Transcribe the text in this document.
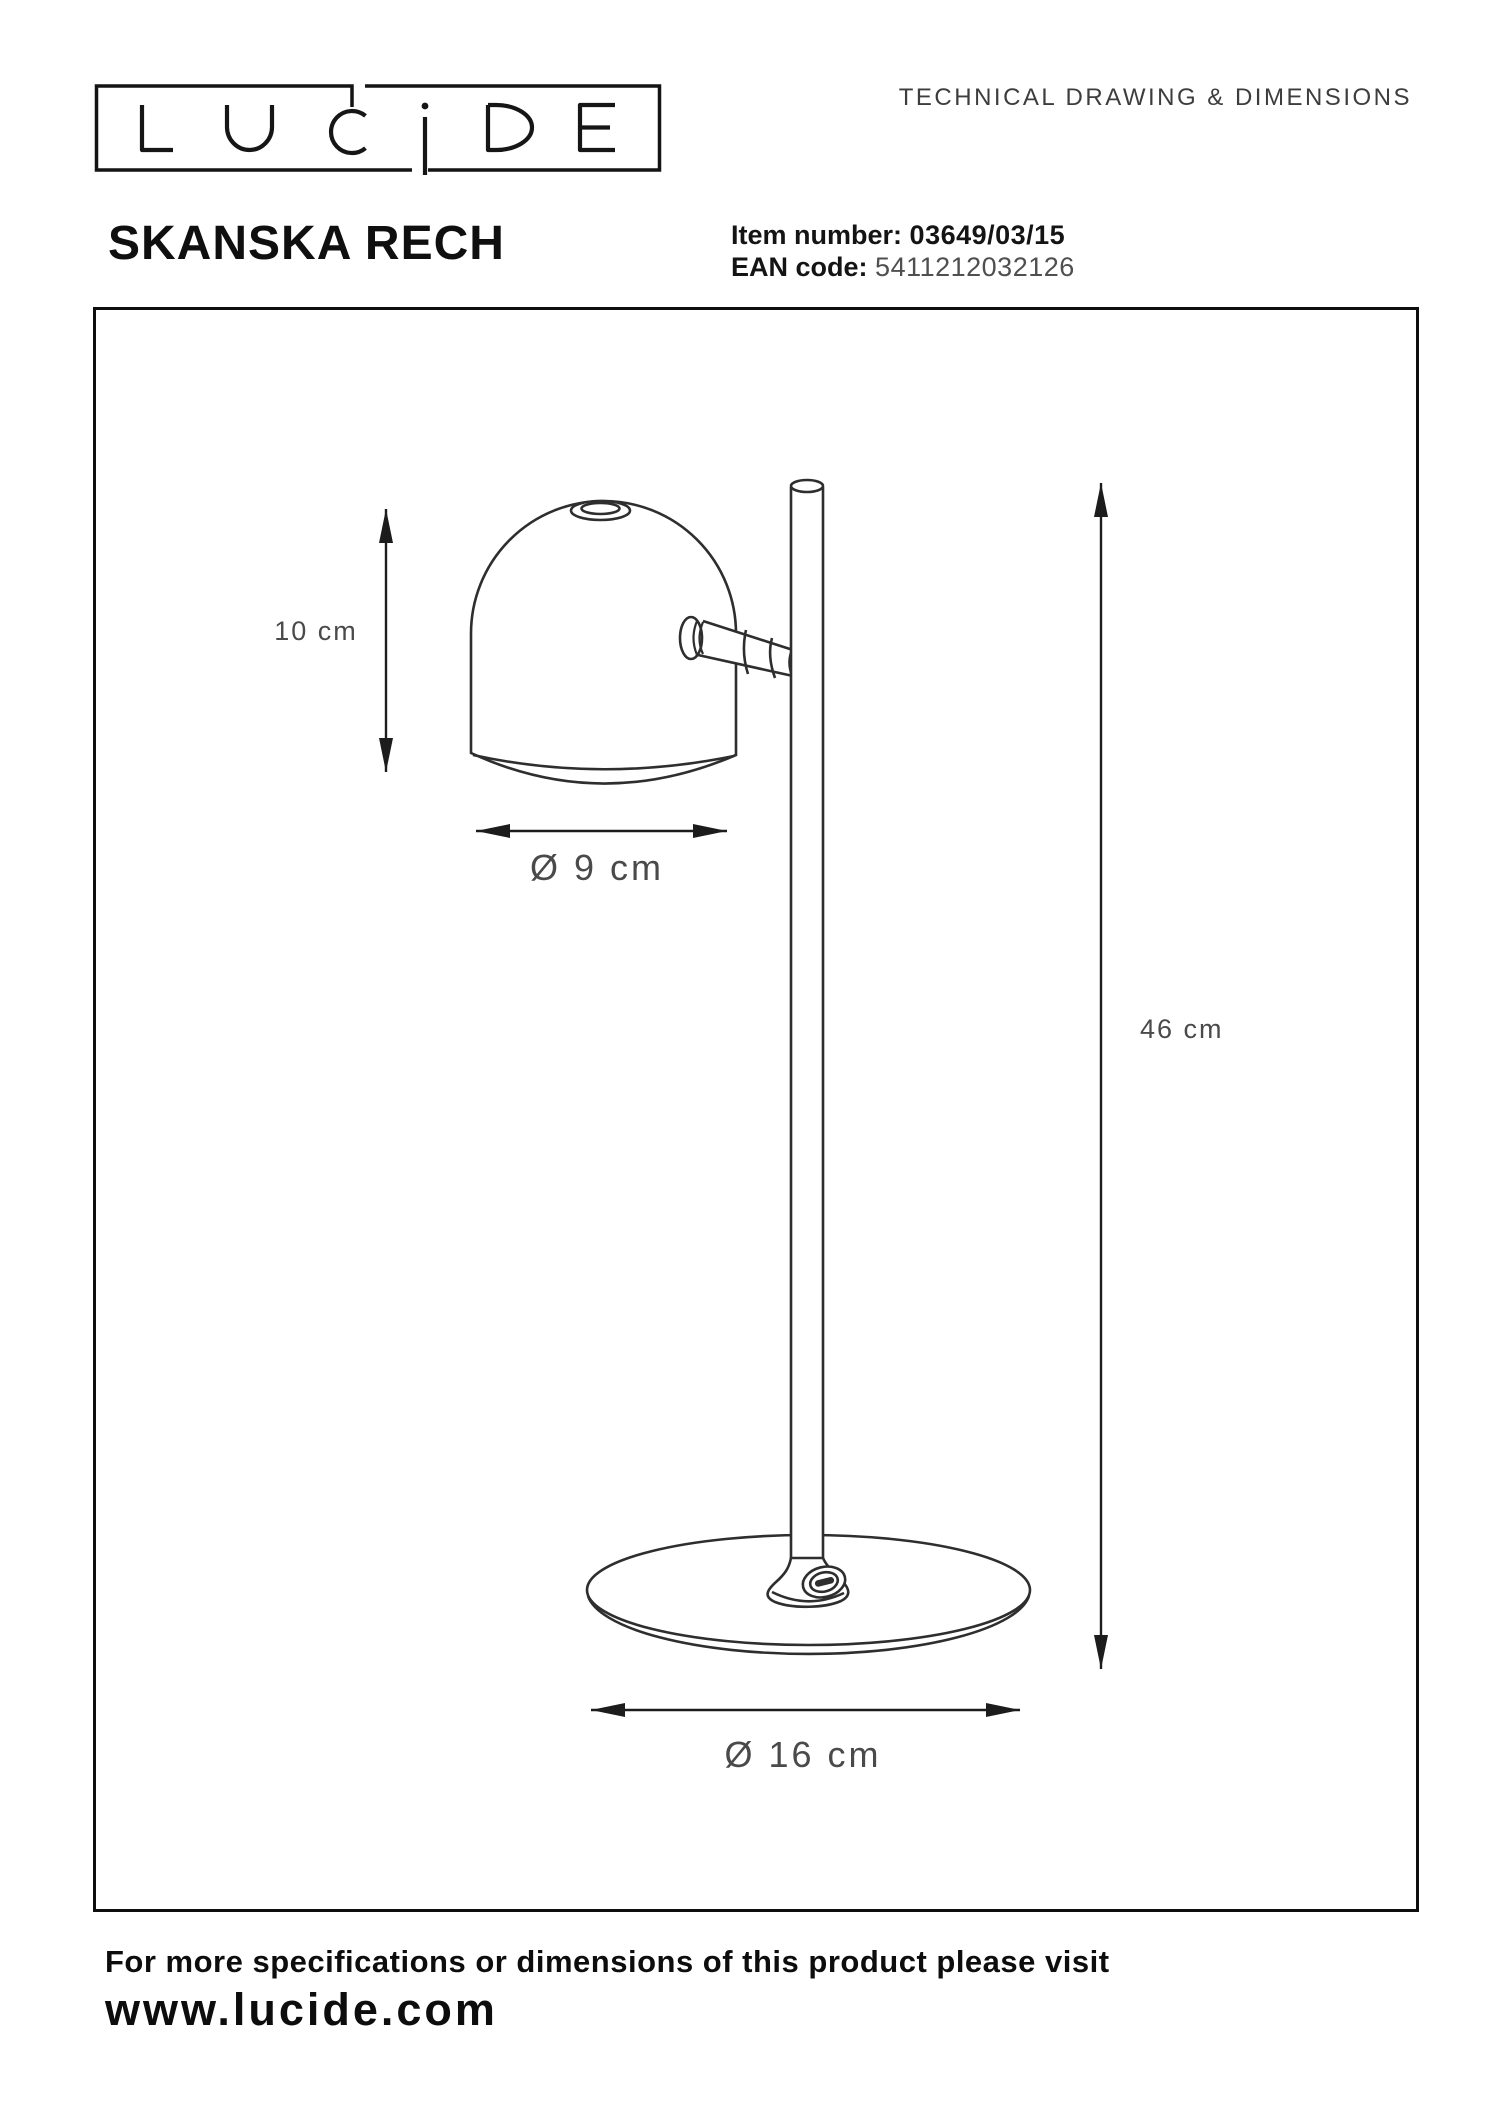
TECHNICAL DRAWING & DIMENSIONS
SKANSKA RECH	Item number: 03649/03/15
EAN code: 5411212032126
10 cm
Ø 9 cm
46 cm
Ø 16 cm
For more specifications or dimensions of this product please visit
www.lucide.com
